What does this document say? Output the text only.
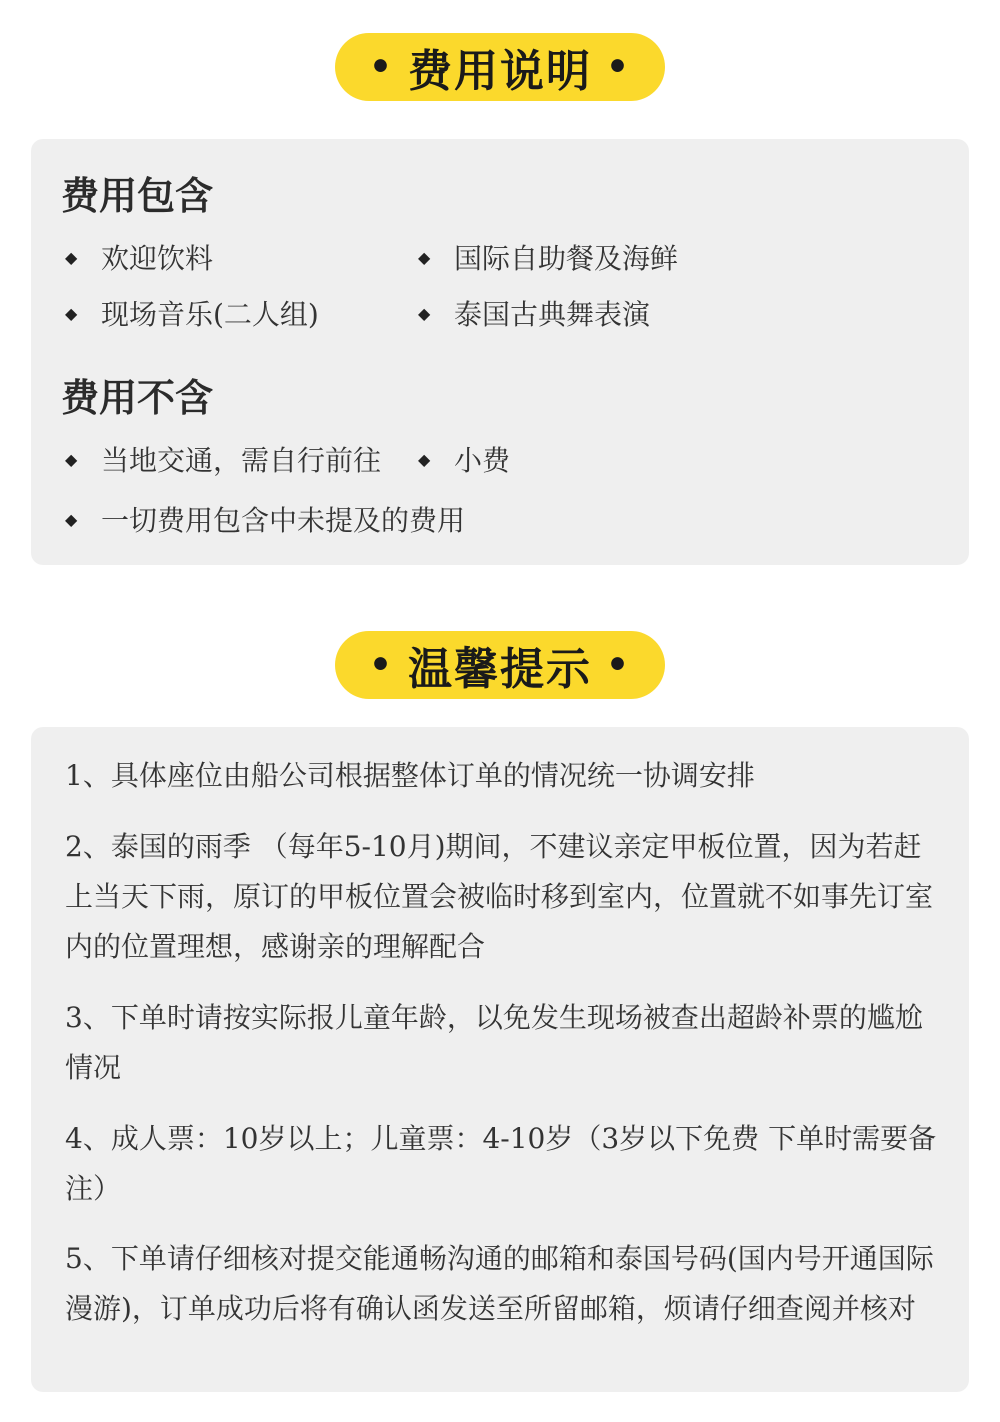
• 费用说明 •
费用包含
◆ 欢迎饮料	◆ 国际自助餐及海鲜
◆ 现场音乐(二人组)	◆ 泰国古典舞表演
费用不含
◆ 当地交通，需自行前往 ◆ 小费
◆ 一切费用包含中未提及的费用
• 温馨提示 •
1、具体座位由船公司根据整体订单的情况统一协调安排
2、泰国的雨季 （每年5-10月)期间，不建议亲定甲板位置，因为若赶上当天下雨，原订的甲板位置会被临时移到室内，位置就不如事先订室内的位置理想，感谢亲的理解配合
3、下单时请按实际报儿童年龄，以免发生现场被查出超龄补票的尴尬情况
4、成人票：10岁以上；儿童票：4-10岁（3岁以下免费 下单时需要备注）
5、下单请仔细核对提交能通畅沟通的邮箱和泰国号码(国内号开通国际漫游)，订单成功后将有确认函发送至所留邮箱，烦请仔细查阅并核对
